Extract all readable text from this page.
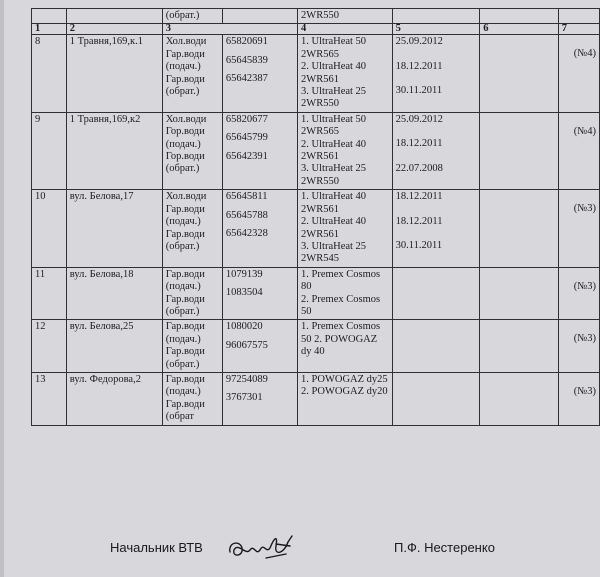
		(обрат.)		2WR550			
1	2	3		4	5	6	7
8	1 Травня,169,к.1	Хол.води
Гар.води (подач.)
Гар.води (обрат.)	65820691
65645839
65642387	1. UltraHeat 50 2WR565
2. UltraHeat 40 2WR561
3. UltraHeat 25 2WR550	25.09.2012
18.12.2011
30.11.2011		(№4)

9	1 Травня,169,к2	Хол.води
Гор.води (подач.)
Гор.води (обрат.)	65820677
65645799
65642391	1. UltraHeat 50 2WR565
2. UltraHeat 40 2WR561
3. UltraHeat 25 2WR550	25.09.2012
18.12.2011
22.07.2008		(№4)

10	вул. Белова,17	Хол.води
Гар.води (подач.)
Гар.води (обрат.)	65645811
65645788
65642328	1. UltraHeat 40 2WR561
2. UltraHeat 40 2WR561
3. UltraHeat 25 2WR545	18.12.2011
18.12.2011
30.11.2011		(№3)

11	вул. Белова,18	Гар.води (подач.)
Гар.води (обрат.)	1079139
1083504	1. Premex Cosmos 80
2. Premex Cosmos 50			(№3)

12	вул. Белова,25	Гар.води (подач.)
Гар.води (обрат.)	1080020
96067575	1. Premex Cosmos 50 2. POWOGAZ dy 40			(№3)

13	вул. Федорова,2	Гар.води (подач.)
Гар.води (обрат	97254089
3767301	1. POWOGAZ dy25
2. POWOGAZ dy20			(№3)
Начальник ВТВ	П.Ф. Нестеренко
